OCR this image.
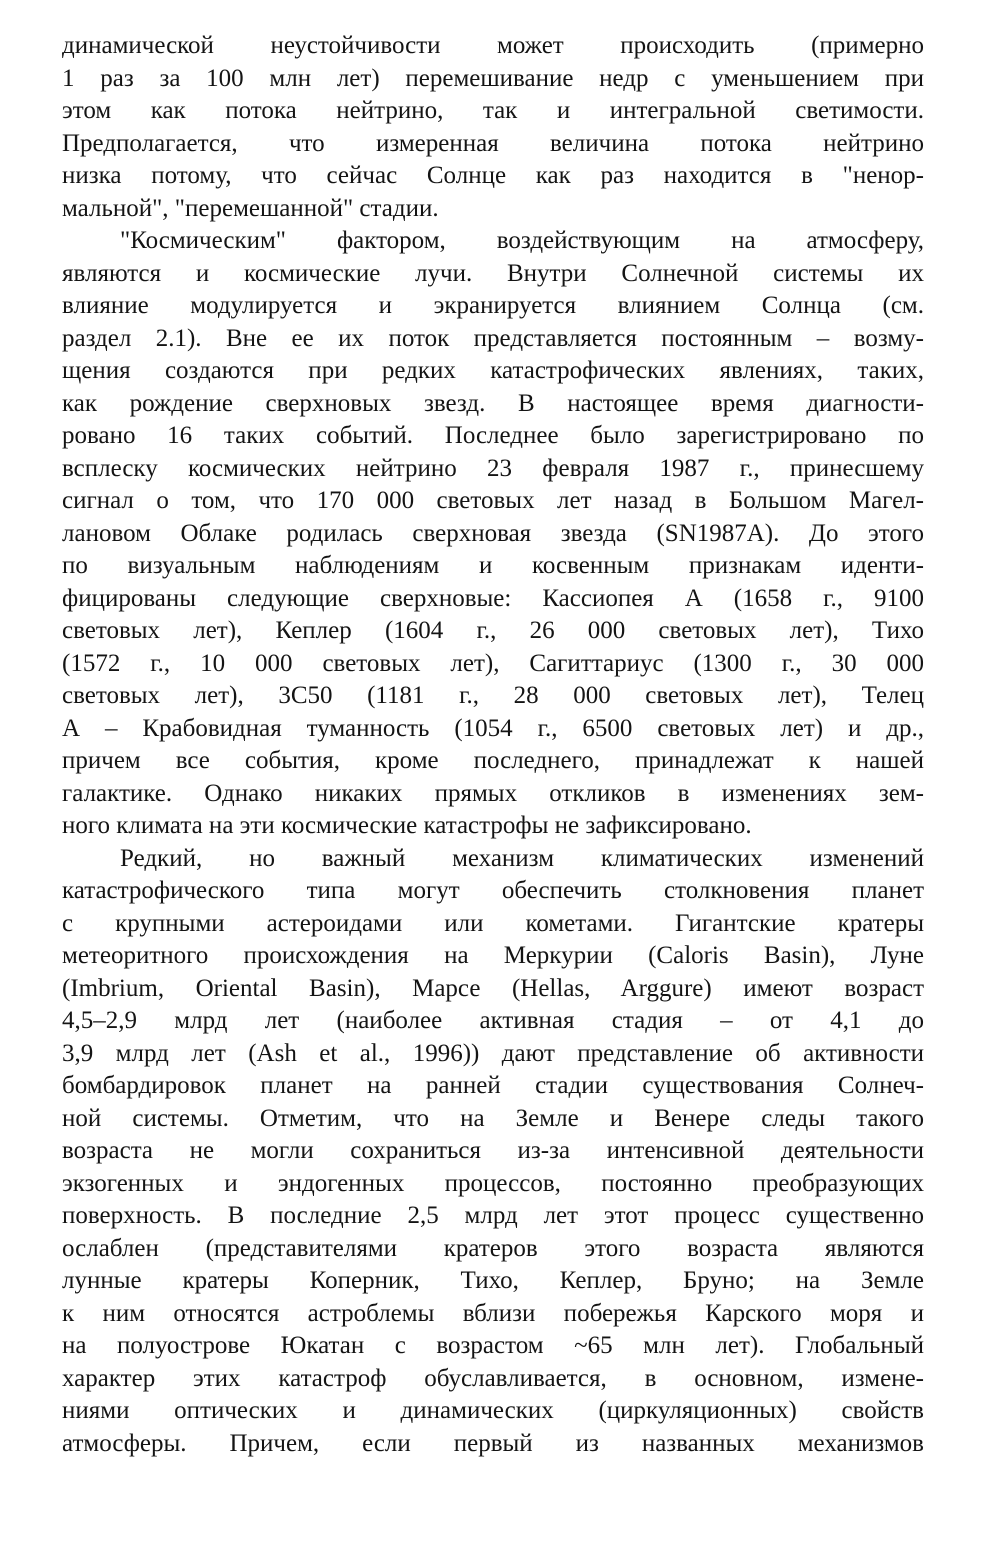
динамической неустойчивости может происходить (примерно
1 раз за 100 млн лет) перемешивание недр с уменьшением при
этом как потока нейтрино, так и интегральной светимости.
Предполагается, что измеренная величина потока нейтрино
низка потому, что сейчас Солнце как раз находится в "ненор-
мальной", "перемешанной" стадии.

"Космическим" фактором, воздействующим на атмосферу,
являются и космические лучи. Внутри Солнечной системы их
влияние модулируется и экранируется влиянием Солнца (см.
раздел 2.1). Вне ее их поток представляется постоянным – возму-
щения создаются при редких катастрофических явлениях, таких,
как рождение сверхновых звезд. В настоящее время диагности-
ровано 16 таких событий. Последнее было зарегистрировано по
всплеску космических нейтрино 23 февраля 1987 г., принесшему
сигнал о том, что 170 000 световых лет назад в Большом Магел-
лановом Облаке родилась сверхновая звезда (SN1987A). До этого
по визуальным наблюдениям и косвенным признакам иденти-
фицированы следующие сверхновые: Кассиопея А (1658 г., 9100
световых лет), Кеплер (1604 г., 26 000 световых лет), Тихо
(1572 г., 10 000 световых лет), Сагиттариус (1300 г., 30 000
световых лет), 3С50 (1181 г., 28 000 световых лет), Телец
А – Крабовидная туманность (1054 г., 6500 световых лет) и др.,
причем все события, кроме последнего, принадлежат к нашей
галактике. Однако никаких прямых откликов в изменениях зем-
ного климата на эти космические катастрофы не зафиксировано.

Редкий, но важный механизм климатических изменений
катастрофического типа могут обеспечить столкновения планет
с крупными астероидами или кометами. Гигантские кратеры
метеоритного происхождения на Меркурии (Caloris Basin), Луне
(Imbrium, Oriental Basin), Марсе (Hellas, Arggure) имеют возраст
4,5–2,9 млрд лет (наиболее активная стадия – от 4,1 до
3,9 млрд лет (Ash et al., 1996)) дают представление об активности
бомбардировок планет на ранней стадии существования Солнеч-
ной системы. Отметим, что на Земле и Венере следы такого
возраста не могли сохраниться из-за интенсивной деятельности
экзогенных и эндогенных процессов, постоянно преобразующих
поверхность. В последние 2,5 млрд лет этот процесс существенно
ослаблен (представителями кратеров этого возраста являются
лунные кратеры Коперник, Тихо, Кеплер, Бруно; на Земле
к ним относятся астроблемы вблизи побережья Карского моря и
на полуострове Юкатан с возрастом ~65 млн лет). Глобальный
характер этих катастроф обуславливается, в основном, измене-
ниями оптических и динамических (циркуляционных) свойств
атмосферы. Причем, если первый из названных механизмов
